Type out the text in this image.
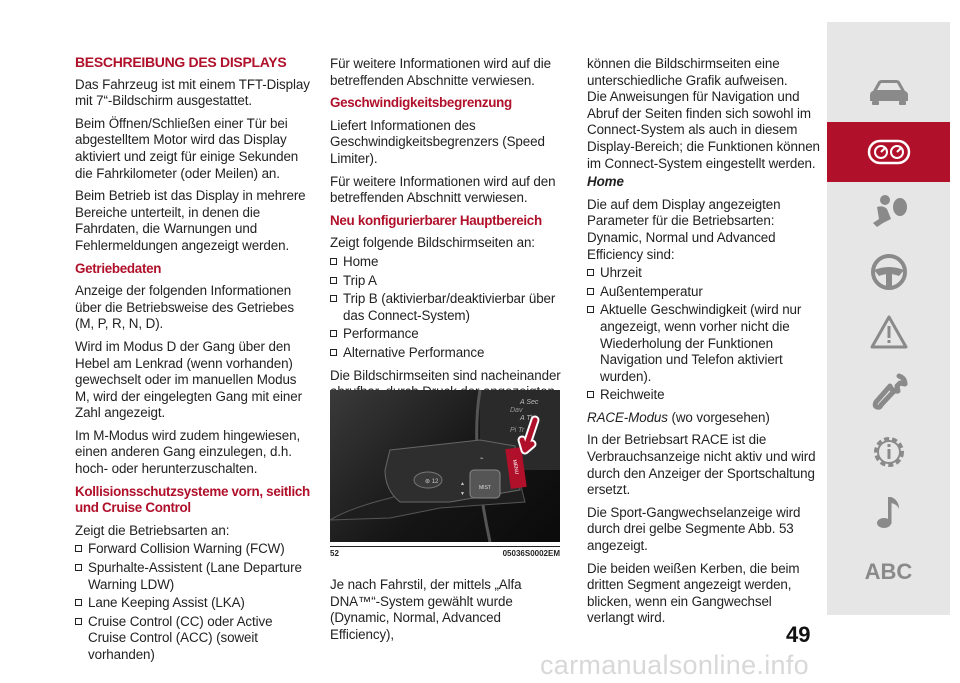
BESCHREIBUNG DES DISPLAYS

Das Fahrzeug ist mit einem TFT-Display mit 7“-Bildschirm ausgestattet.

Beim Öffnen/Schließen einer Tür bei abgestelltem Motor wird das Display aktiviert und zeigt für einige Sekunden die Fahrkilometer (oder Meilen) an.

Beim Betrieb ist das Display in mehrere Bereiche unterteilt, in denen die Fahrdaten, die Warnungen und Fehlermeldungen angezeigt werden.

Getriebedaten

Anzeige der folgenden Informationen über die Betriebsweise des Getriebes (M, P, R, N, D).

Wird im Modus D der Gang über den Hebel am Lenkrad (wenn vorhanden) gewechselt oder im manuellen Modus M, wird der eingelegten Gang mit einer Zahl angezeigt.

Im M-Modus wird zudem hingewiesen, einen anderen Gang einzulegen, d.h. hoch- oder herunterzuschalten.

Kollisionsschutzsysteme vorn, seitlich und Cruise Control

Zeigt die Betriebsarten an:

Forward Collision Warning (FCW)
Spurhalte-Assistent (Lane Departure Warning LDW)
Lane Keeping Assist (LKA)
Cruise Control (CC) oder Active Cruise Control (ACC) (soweit vorhanden)

Für weitere Informationen wird auf die betreffenden Abschnitte verwiesen.

Geschwindigkeitsbegrenzung

Liefert Informationen des Geschwindigkeitsbegrenzers (Speed Limiter).

Für weitere Informationen wird auf den betreffenden Abschnitt verwiesen.

Neu konfigurierbarer Hauptbereich

Zeigt folgende Bildschirmseiten an:

Home
Trip A
Trip B (aktivierbar/deaktivierbar über das Connect-System)
Performance
Alternative Performance

Die Bildschirmseiten sind nacheinander

A Sec
A Th
Dav
Pi Tr
MIST
⊛ 12	▲
▼
⌁
MENU
52	05036S0002EM

Je nach Fahrstil, der mittels „Alfa DNA™“-System gewählt wurde (Dynamic, Normal, Advanced Efficiency),

können die Bildschirmseiten eine unterschiedliche Grafik aufweisen.

Die Anweisungen für Navigation und Abruf der Seiten finden sich sowohl im Connect-System als auch in diesem Display-Bereich; die Funktionen können im Connect-System eingestellt werden.

Home

Die auf dem Display angezeigten Parameter für die Betriebsarten: Dynamic, Normal und Advanced Efficiency sind:

Uhrzeit
Außentemperatur
Aktuelle Geschwindigkeit (wird nur angezeigt, wenn vorher nicht die Wiederholung der Funktionen Navigation und Telefon aktiviert wurden).
Reichweite

RACE-Modus (wo vorgesehen)

In der Betriebsart RACE ist die Verbrauchsanzeige nicht aktiv und wird durch den Anzeiger der Sportschaltung ersetzt.

Die Sport-Gangwechselanzeige wird durch drei gelbe Segmente Abb. 53 angezeigt.

Die beiden weißen Kerben, die beim dritten Segment angezeigt werden, blicken, wenn ein Gangwechsel verlangt wird.

ABC
49
carmanualsonline.info
